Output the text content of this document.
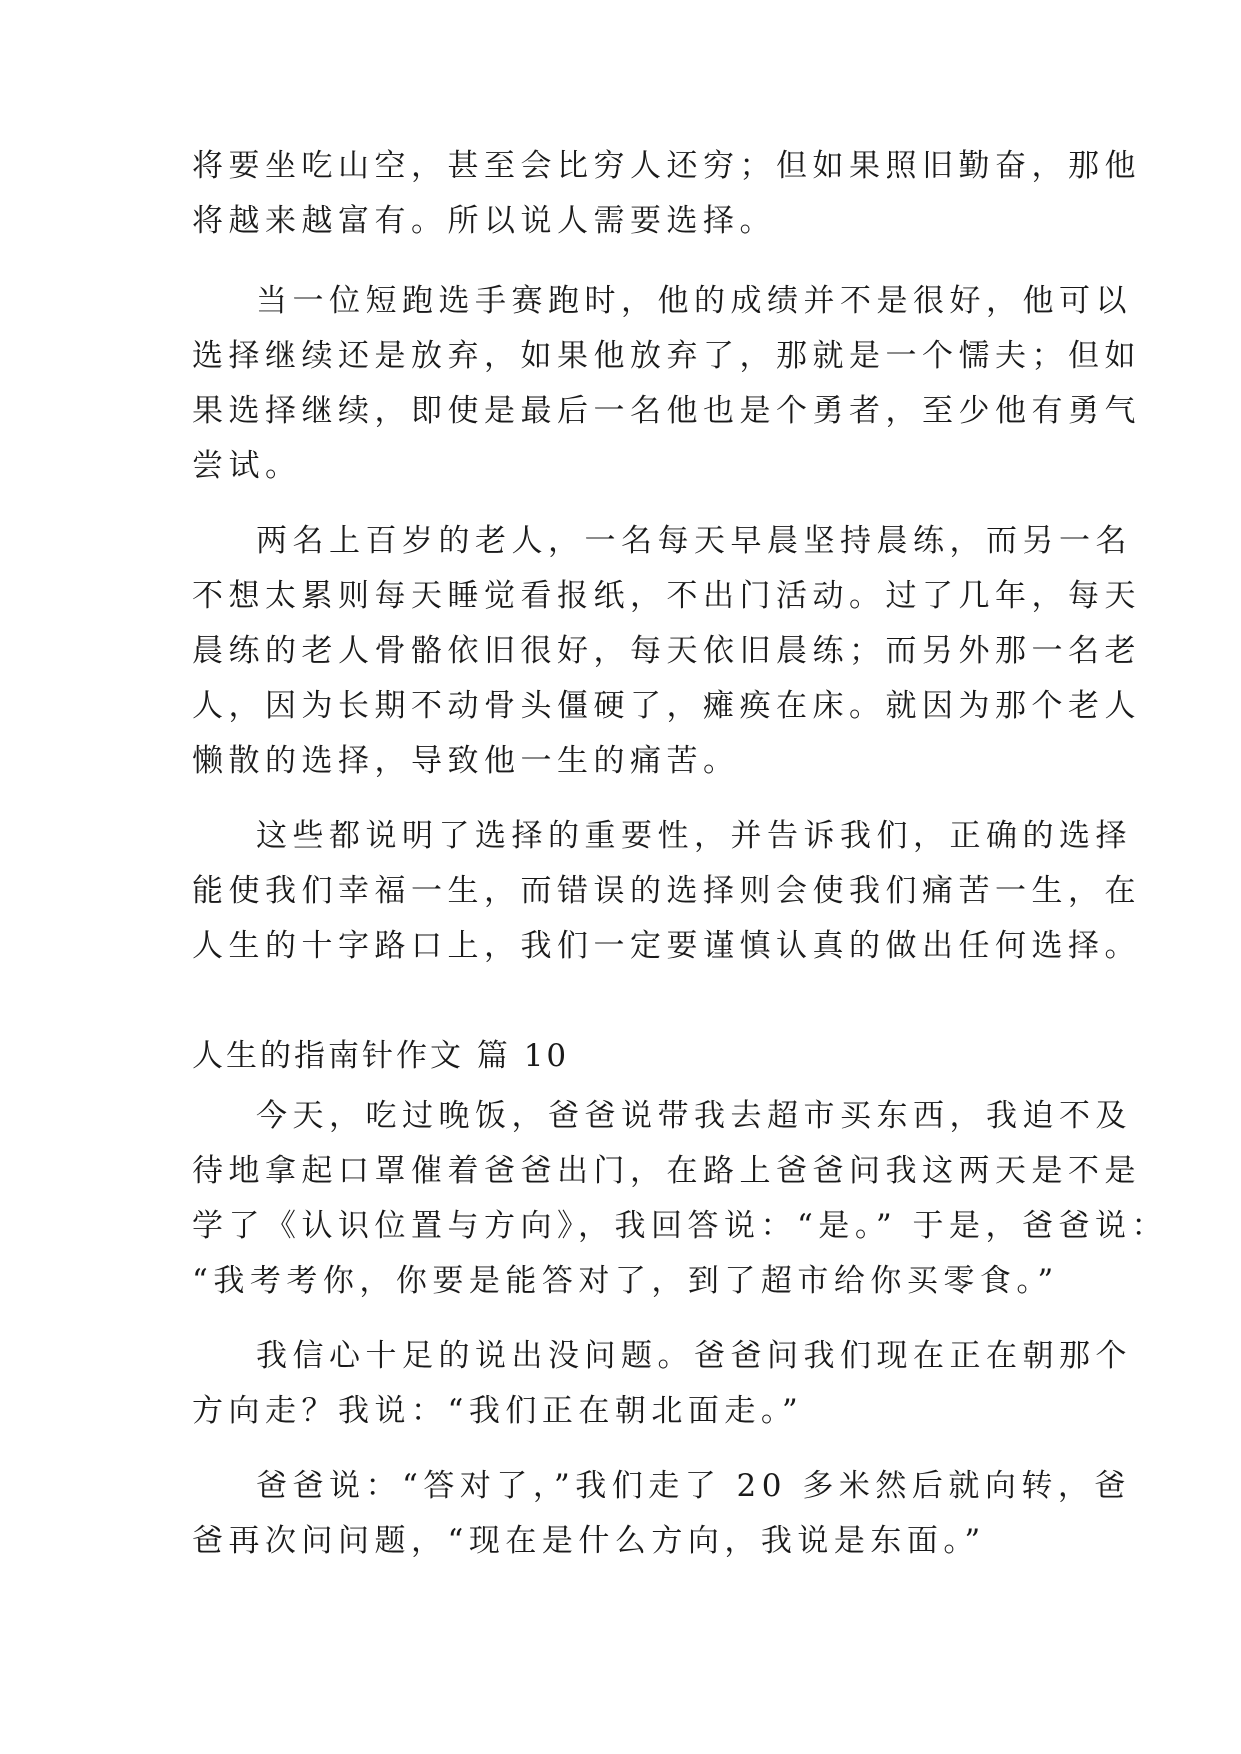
将要坐吃山空，甚至会比穷人还穷；但如果照旧勤奋，那他
将越来越富有。所以说人需要选择。
当一位短跑选手赛跑时，他的成绩并不是很好，他可以
选择继续还是放弃，如果他放弃了，那就是一个懦夫；但如
果选择继续，即使是最后一名他也是个勇者，至少他有勇气
尝试。
两名上百岁的老人，一名每天早晨坚持晨练，而另一名
不想太累则每天睡觉看报纸，不出门活动。过了几年，每天
晨练的老人骨骼依旧很好，每天依旧晨练；而另外那一名老
人，因为长期不动骨头僵硬了，瘫痪在床。就因为那个老人
懒散的选择，导致他一生的痛苦。
这些都说明了选择的重要性，并告诉我们，正确的选择
能使我们幸福一生，而错误的选择则会使我们痛苦一生，在
人生的十字路口上，我们一定要谨慎认真的做出任何选择。
人生的指南针作文 篇 10
今天，吃过晚饭，爸爸说带我去超市买东西，我迫不及
待地拿起口罩催着爸爸出门，在路上爸爸问我这两天是不是
学了《认识位置与方向》，我回答说：“是。” 于是，爸爸说：
“我考考你，你要是能答对了，到了超市给你买零食。”
我信心十足的说出没问题。爸爸问我们现在正在朝那个
方向走？我说：“我们正在朝北面走。”
爸爸说：“答对了，”我们走了 20 多米然后就向转，爸
爸再次问问题，“现在是什么方向，我说是东面。”
